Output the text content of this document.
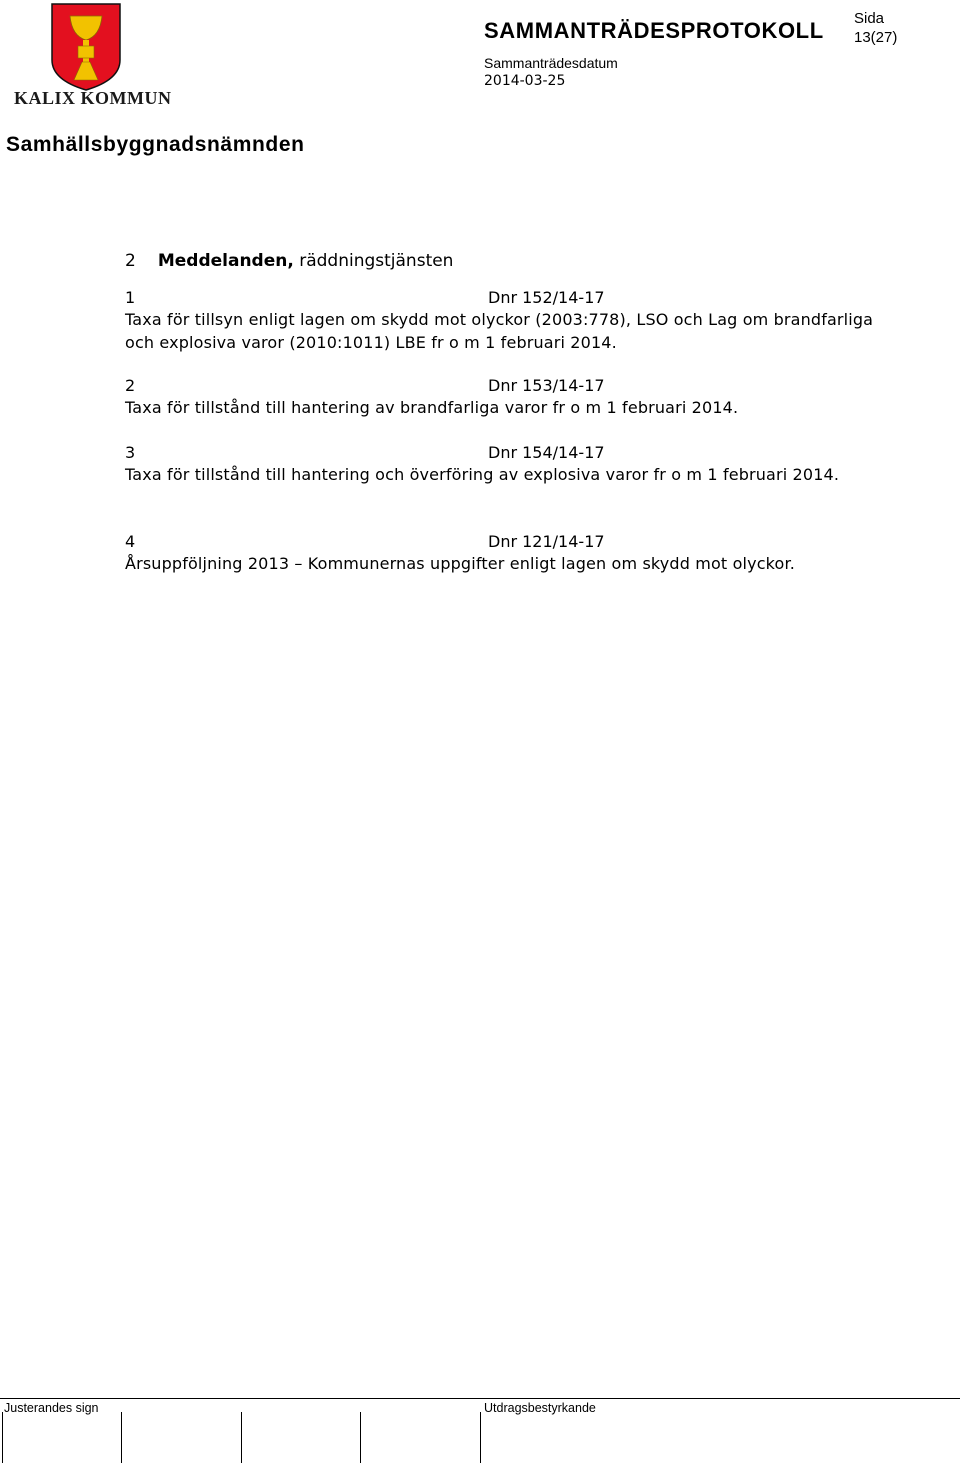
KALIX KOMMUN
SAMMANTRÄDESPROTOKOLL Sida
13(27)
Sammanträdesdatum
2014-03-25
Samhällsbyggnadsnämnden
2 Meddelanden, räddningstjänsten
1	Dnr 152/14-17
Taxa för tillsyn enligt lagen om skydd mot olyckor (2003:778), LSO och Lag om brandfarliga och explosiva varor (2010:1011) LBE fr o m 1 februari 2014.
2	Dnr 153/14-17
Taxa för tillstånd till hantering av brandfarliga varor fr o m 1 februari 2014.
3	Dnr 154/14-17
Taxa för tillstånd till hantering och överföring av explosiva varor fr o m 1 februari 2014.
4	Dnr 121/14-17
Årsuppföljning 2013 – Kommunernas uppgifter enligt lagen om skydd mot olyckor.
Justerandes sign	Utdragsbestyrkande
